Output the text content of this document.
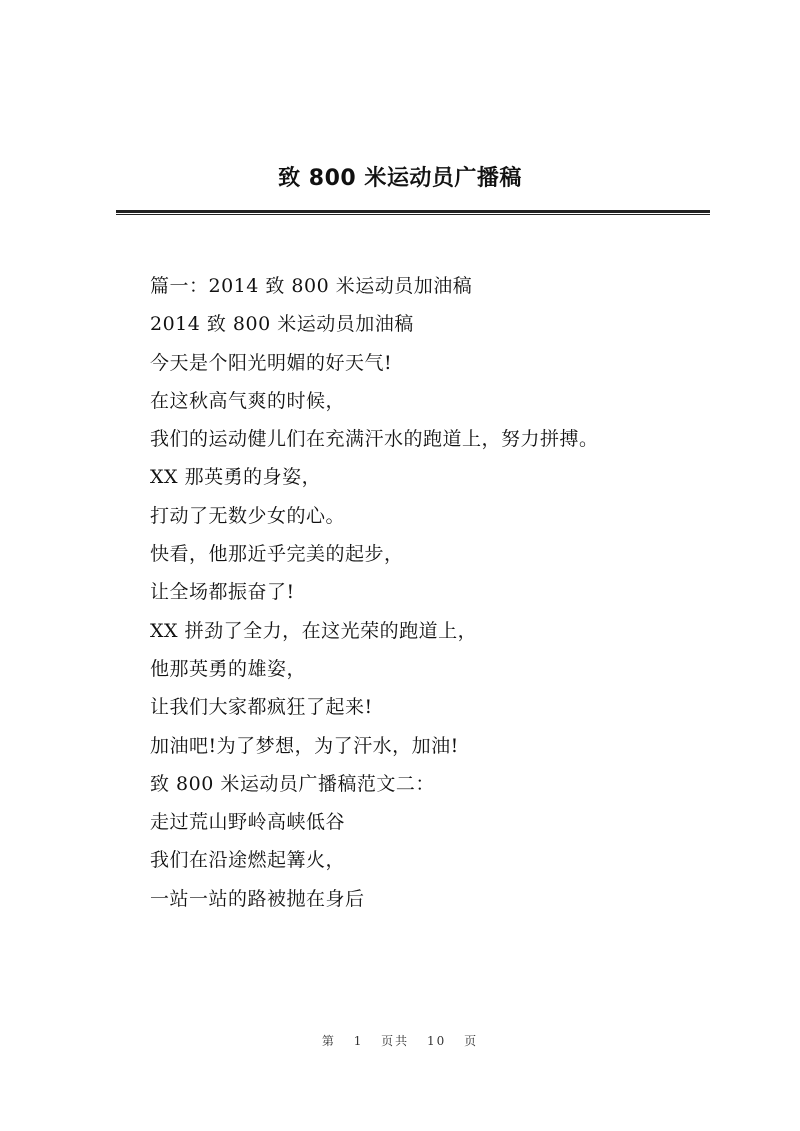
致 800 米运动员广播稿
篇一：2014 致 800 米运动员加油稿
2014 致 800 米运动员加油稿
今天是个阳光明媚的好天气!
在这秋高气爽的时候，
我们的运动健儿们在充满汗水的跑道上，努力拼搏。
XX 那英勇的身姿，
打动了无数少女的心。
快看，他那近乎完美的起步，
让全场都振奋了!
XX 拼劲了全力，在这光荣的跑道上，
他那英勇的雄姿，
让我们大家都疯狂了起来!
加油吧!为了梦想，为了汗水，加油!
致 800 米运动员广播稿范文二：
走过荒山野岭高峡低谷
我们在沿途燃起篝火，
一站一站的路被抛在身后
第 1 页共 10 页
